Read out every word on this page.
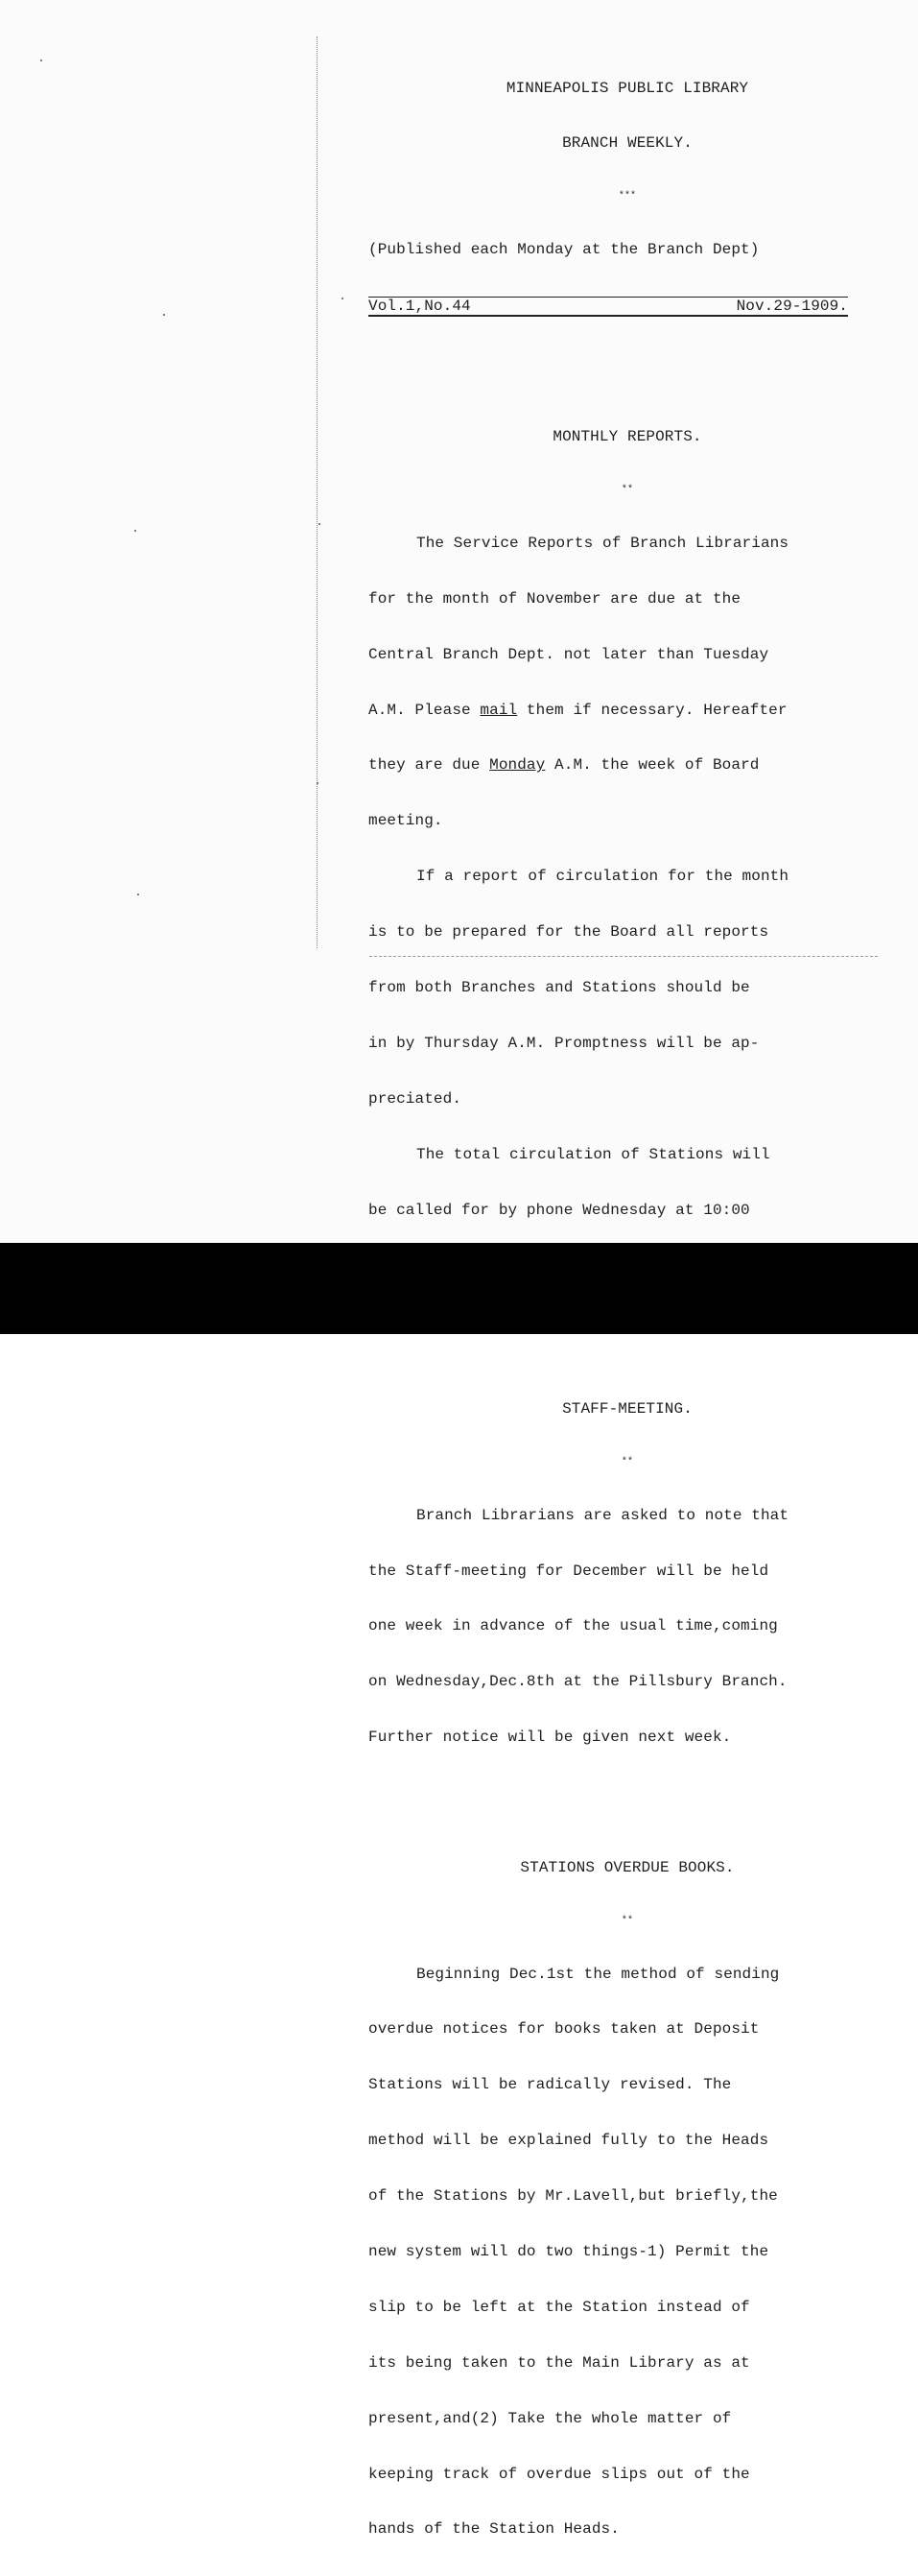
MINNEAPOLIS PUBLIC LIBRARY

BRANCH WEEKLY.

***

(Published each Monday at the Branch Dept)

Vol.1,No.44	Nov.29-1909.

MONTHLY REPORTS.

**

The Service Reports of Branch Librarians

for the month of November are due at the

Central Branch Dept. not later than Tuesday

A.M. Please mail them if necessary. Hereafter

they are due Monday A.M. the week of Board

meeting.

If a report of circulation for the month

is to be prepared for the Board all reports

from both Branches and Stations should be

in by Thursday A.M. Promptness will be ap-

preciated.

The total circulation of Stations will

be called for by phone Wednesday at 10:00

STAFF-MEETING.

**

Branch Librarians are asked to note that

the Staff-meeting for December will be held

one week in advance of the usual time,coming

on Wednesday,Dec.8th at the Pillsbury Branch.

Further notice will be given next week.

STATIONS OVERDUE BOOKS.

**

Beginning Dec.1st the method of sending

overdue notices for books taken at Deposit

Stations will be radically revised. The

method will be explained fully to the Heads

of the Stations by Mr.Lavell,but briefly,the

new system will do two things-1) Permit the

slip to be left at the Station instead of

its being taken to the Main Library as at

present,and(2) Take the whole matter of

keeping track of overdue slips out of the

hands of the Station Heads.

alamy	Image ID: 3A5MRDD
www.alamy.com
